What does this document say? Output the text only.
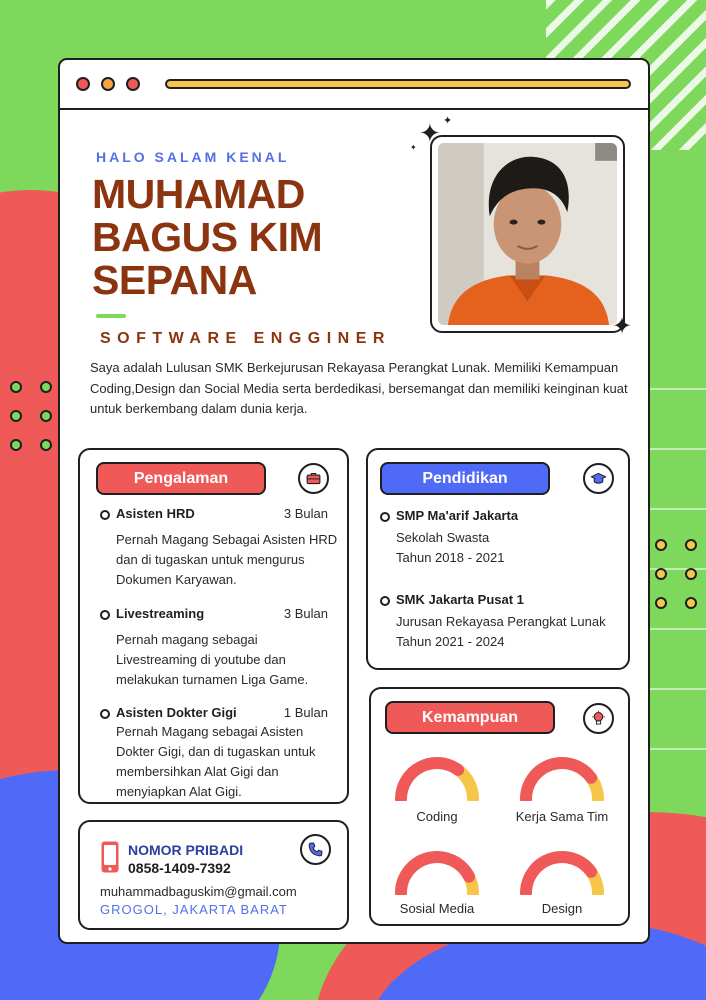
HALO SALAM KENAL
MUHAMAD BAGUS KIM SEPANA
SOFTWARE ENGGINER
✦ ✦
✦
✦
Saya adalah Lulusan SMK Berkejurusan Rekayasa Perangkat Lunak. Memiliki Kemampuan Coding,Design dan Social Media serta berdedikasi, bersemangat dan memiliki keinginan kuat untuk berkembang dalam dunia kerja.
Pengalaman
Asisten HRD	3 Bulan
Pernah Magang Sebagai Asisten HRD dan di tugaskan untuk mengurus Dokumen Karyawan.
Livestreaming	3 Bulan
Pernah magang sebagai Livestreaming di youtube dan melakukan turnamen Liga Game.
Asisten Dokter Gigi	1 Bulan
Pernah Magang sebagai Asisten Dokter Gigi, dan di tugaskan untuk membersihkan Alat Gigi dan menyiapkan Alat Gigi.
Pendidikan
SMP Ma'arif Jakarta
Sekolah Swasta
Tahun 2018 - 2021
SMK Jakarta Pusat 1
Jurusan Rekayasa Perangkat Lunak
Tahun 2021 - 2024
Kemampuan
Coding	Kerja Sama Tim
Sosial Media	Design
NOMOR PRIBADI
0858-1409-7392
muhammadbaguskim@gmail.com
GROGOL, JAKARTA BARAT
